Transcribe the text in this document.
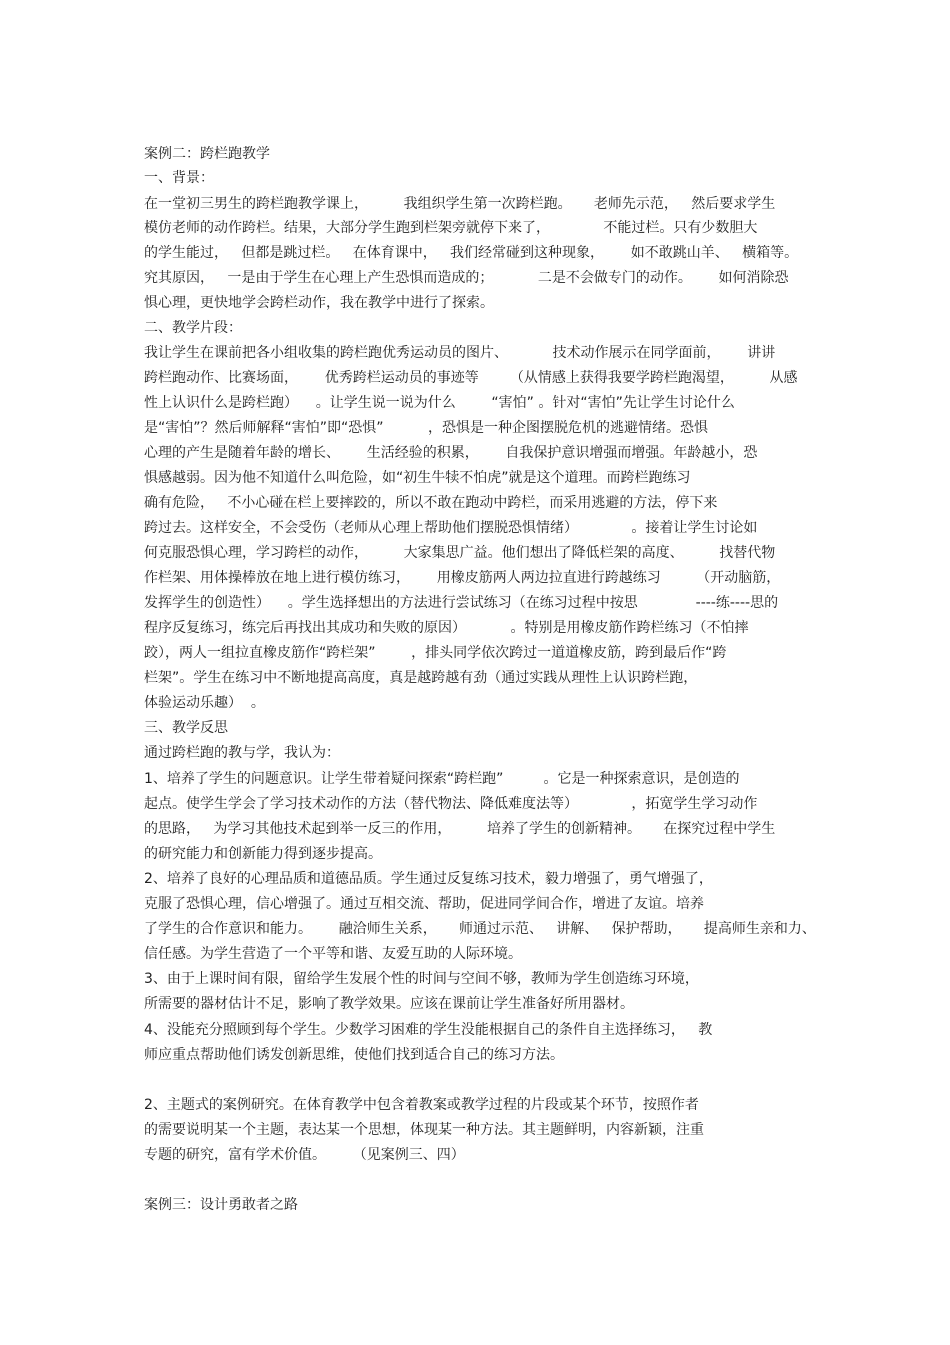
案例二：跨栏跑教学
一、背景：
在一堂初三男生的跨栏跑教学课上，        我组织学生第一次跨栏跑。     老师先示范，   然后要求学生
模仿老师的动作跨栏。结果，大部分学生跑到栏架旁就停下来了，            不能过栏。只有少数胆大
的学生能过，   但都是跳过栏。   在体育课中，   我们经常碰到这种现象，      如不敢跳山羊、   横箱等。
究其原因，   一是由于学生在心理上产生恐惧而造成的；          二是不会做专门的动作。      如何消除恐
惧心理，更快地学会跨栏动作，我在教学中进行了探索。
二、教学片段：
我让学生在课前把各小组收集的跨栏跑优秀运动员的图片、          技术动作展示在同学面前，      讲讲
跨栏跑动作、比赛场面，      优秀跨栏运动员的事迹等       （从情感上获得我要学跨栏跑渴望，        从感
性上认识什么是跨栏跑）    。让学生说一说为什么        “害怕” 。针对“害怕”先让学生讨论什么
是“害怕”？然后师解释“害怕”即“恐惧”          ，恐惧是一种企图摆脱危机的逃避情绪。恐惧
心理的产生是随着年龄的增长、      生活经验的积累，      自我保护意识增强而增强。年龄越小，恐
惧感越弱。因为他不知道什么叫危险，如“初生牛犊不怕虎”就是这个道理。而跨栏跑练习
确有危险，   不小心碰在栏上要摔跤的，所以不敢在跑动中跨栏，而采用逃避的方法，停下来
跨过去。这样安全，不会受伤（老师从心理上帮助他们摆脱恐惧情绪）            。接着让学生讨论如
何克服恐惧心理，学习跨栏的动作，        大家集思广益。他们想出了降低栏架的高度、        找替代物
作栏架、用体操棒放在地上进行模仿练习，      用橡皮筋两人两边拉直进行跨越练习        （开动脑筋，
发挥学生的创造性）    。学生选择想出的方法进行尝试练习（在练习过程中按思             ----练----思的
程序反复练习，练完后再找出其成功和失败的原因）          。特别是用橡皮筋作跨栏练习（不怕摔
跤），两人一组拉直橡皮筋作“跨栏架”        ，排头同学依次跨过一道道橡皮筋，跨到最后作“跨
栏架”。学生在练习中不断地提高高度，真是越跨越有劲（通过实践从理性上认识跨栏跑，
体验运动乐趣）  。
三、教学反思
通过跨栏跑的教与学，我认为：
1、培养了学生的问题意识。让学生带着疑问探索“跨栏跑”         。它是一种探索意识，是创造的
起点。使学生学会了学习技术动作的方法（替代物法、降低难度法等）            ，拓宽学生学习动作
的思路，   为学习其他技术起到举一反三的作用，        培养了学生的创新精神。     在探究过程中学生
的研究能力和创新能力得到逐步提高。
2、培养了良好的心理品质和道德品质。学生通过反复练习技术，毅力增强了，勇气增强了，
克服了恐惧心理，信心增强了。通过互相交流、帮助，促进同学间合作，增进了友谊。培养
了学生的合作意识和能力。      融洽师生关系，     师通过示范、   讲解、   保护帮助，     提高师生亲和力、
信任感。为学生营造了一个平等和谐、友爱互助的人际环境。
3、由于上课时间有限，留给学生发展个性的时间与空间不够，教师为学生创造练习环境，
所需要的器材估计不足，影响了教学效果。应该在课前让学生准备好所用器材。
4、没能充分照顾到每个学生。少数学习困难的学生没能根据自己的条件自主选择练习，   教
师应重点帮助他们诱发创新思维，使他们找到适合自己的练习方法。
2、主题式的案例研究。在体育教学中包含着教案或教学过程的片段或某个环节，按照作者
的需要说明某一个主题，表达某一个思想，体现某一种方法。其主题鲜明，内容新颖，注重
专题的研究，富有学术价值。      （见案例三、四）
案例三：设计勇敢者之路
